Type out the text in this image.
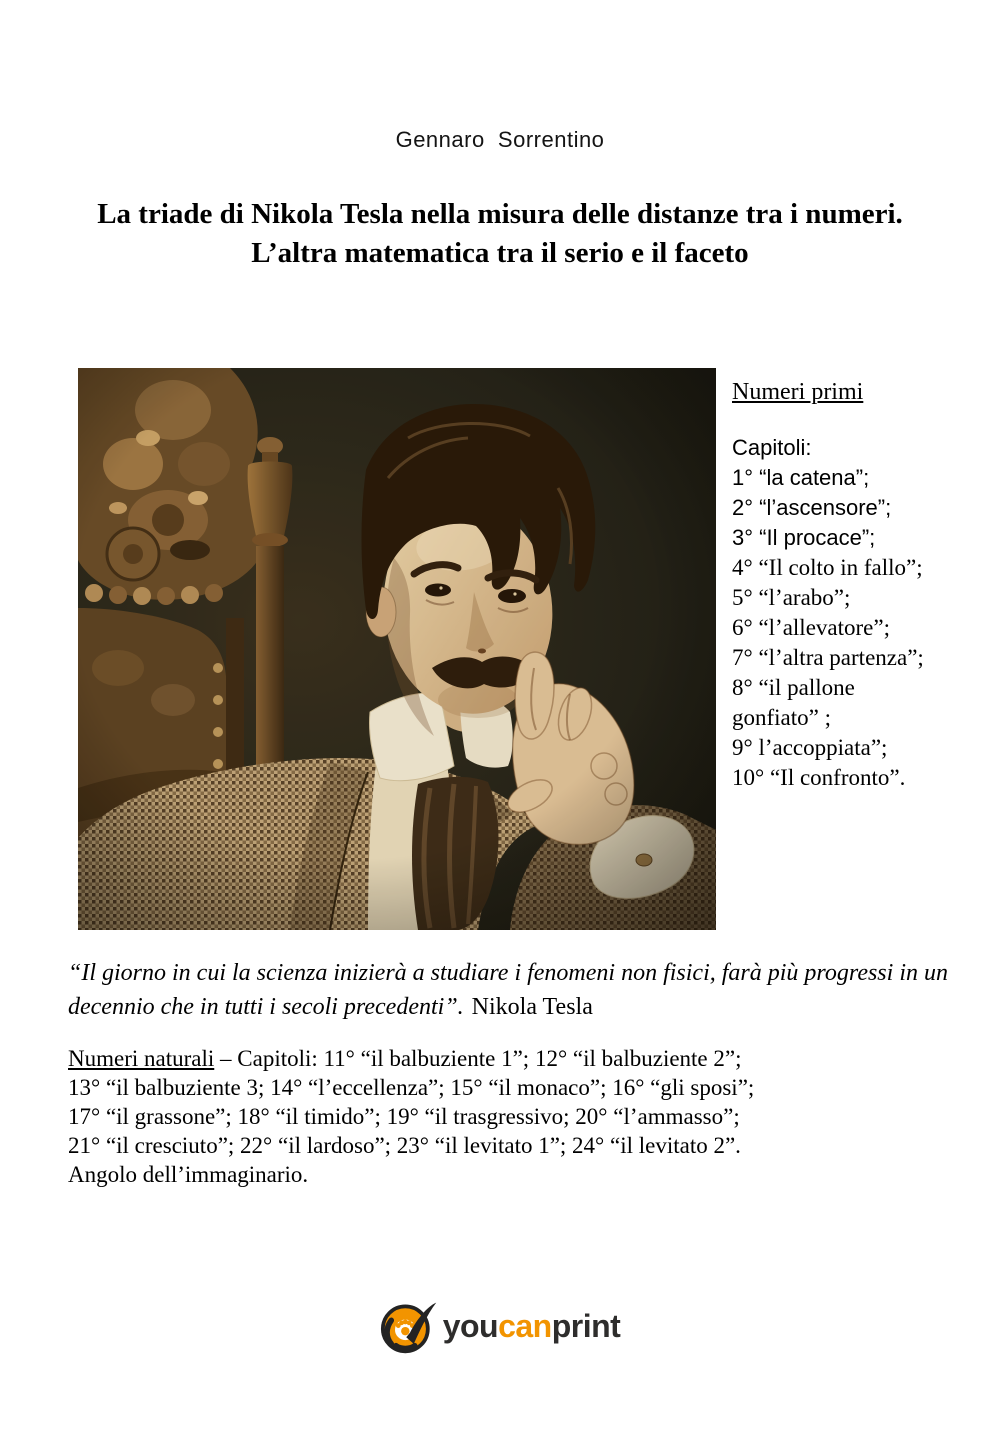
Gennaro  Sorrentino
La triade di Nikola Tesla nella misura delle distanze tra i numeri.
L’altra matematica tra il serio e il faceto
Numeri primi
Capitoli:
1° “la catena”;
2° “l’ascensore”;
3° “Il procace”;
4° “Il colto in fallo”;
5° “l’arabo”;
6° “l’allevatore”;
7° “l’altra partenza”;
8° “il pallone
gonfiato” ;
9° l’accoppiata”;
10° “Il confronto”.
“Il giorno in cui la scienza inizierà a studiare i fenomeni non fisici, farà più progressi in un decennio che in tutti i secoli precedenti”. Nikola Tesla
Numeri naturali – Capitoli: 11° “il balbuziente 1”; 12° “il balbuziente 2”;
13° “il balbuziente 3; 14° “l’eccellenza”; 15° “il monaco”; 16° “gli sposi”;
17° “il grassone”; 18° “il timido”; 19° “il trasgressivo; 20° “l’ammasso”;
21° “il cresciuto”; 22° “il lardoso”; 23° “il levitato 1”; 24° “il levitato 2”.
Angolo dell’immaginario.
you can print
